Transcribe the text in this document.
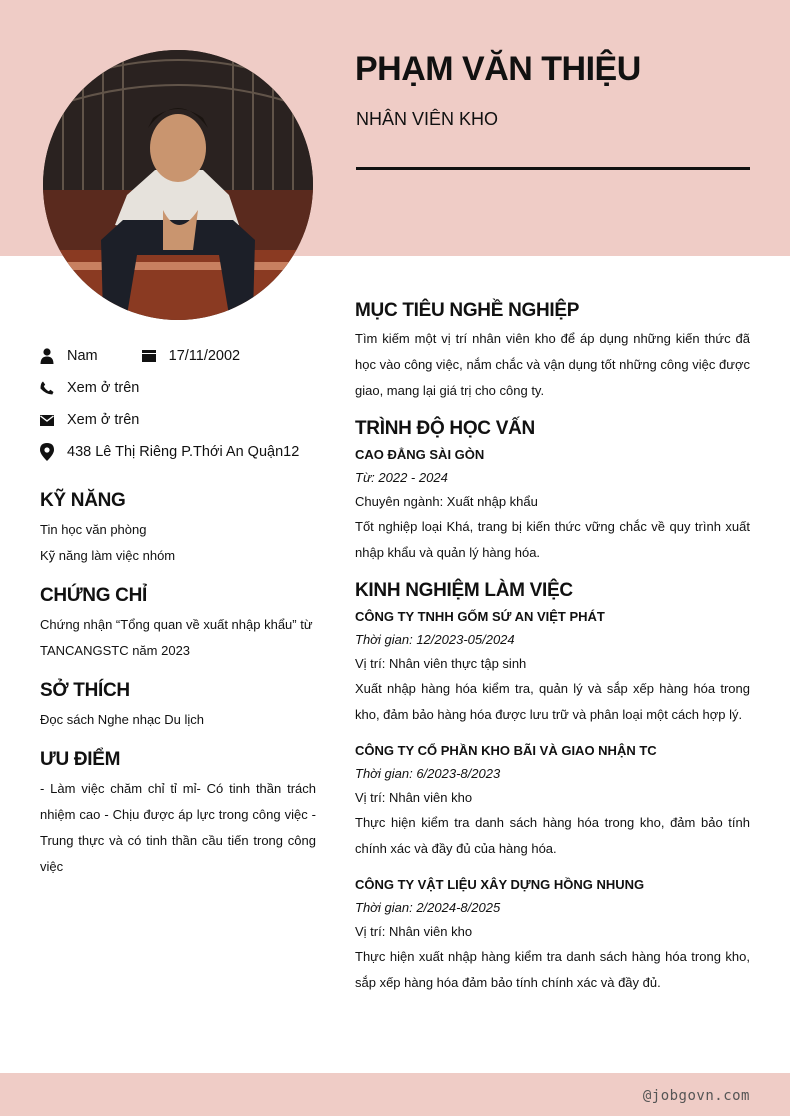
PHẠM VĂN THIỆU
NHÂN VIÊN KHO
Nam	17/11/2002
Xem ở trên
Xem ở trên
438 Lê Thị Riêng P.Thới An Quận12
KỸ NĂNG
Tin học văn phòng
Kỹ năng làm việc nhóm
CHỨNG CHỈ
Chứng nhận “Tổng quan về xuất nhập khẩu” từ TANCANGSTC năm 2023
SỞ THÍCH
Đọc sách Nghe nhạc Du lịch
ƯU ĐIỂM
- Làm việc chăm chỉ tỉ mỉ- Có tinh thần trách nhiệm cao - Chịu được áp lực trong công việc - Trung thực và có tinh thần cầu tiến trong công việc
MỤC TIÊU NGHỀ NGHIỆP
Tìm kiếm một vị trí nhân viên kho để áp dụng những kiến thức đã học vào công việc, nắm chắc và vận dụng tốt những công việc được giao, mang lại giá trị cho công ty.
TRÌNH ĐỘ HỌC VẤN
CAO ĐẲNG SÀI GÒN
Từ: 2022 - 2024
Chuyên ngành: Xuất nhập khẩu
Tốt nghiệp loại Khá, trang bị kiến thức vững chắc về quy trình xuất nhập khẩu và quản lý hàng hóa.
KINH NGHIỆM LÀM VIỆC
CÔNG TY TNHH GỐM SỨ AN VIỆT PHÁT
Thời gian: 12/2023-05/2024
Vị trí: Nhân viên thực tập sinh
Xuất nhập hàng hóa kiểm tra, quản lý và sắp xếp hàng hóa trong kho, đảm bảo hàng hóa được lưu trữ và phân loại một cách hợp lý.
CÔNG TY CỔ PHẦN KHO BÃI VÀ GIAO NHẬN TC
Thời gian: 6/2023-8/2023
Vị trí: Nhân viên kho
Thực hiện kiểm tra danh sách hàng hóa trong kho, đảm bảo tính chính xác và đầy đủ của hàng hóa.
CÔNG TY VẬT LIỆU XÂY DỰNG HỒNG NHUNG
Thời gian: 2/2024-8/2025
Vị trí: Nhân viên kho
Thực hiện xuất nhập hàng kiểm tra danh sách hàng hóa trong kho, sắp xếp hàng hóa đảm bảo tính chính xác và đầy đủ.
@jobgovn.com
